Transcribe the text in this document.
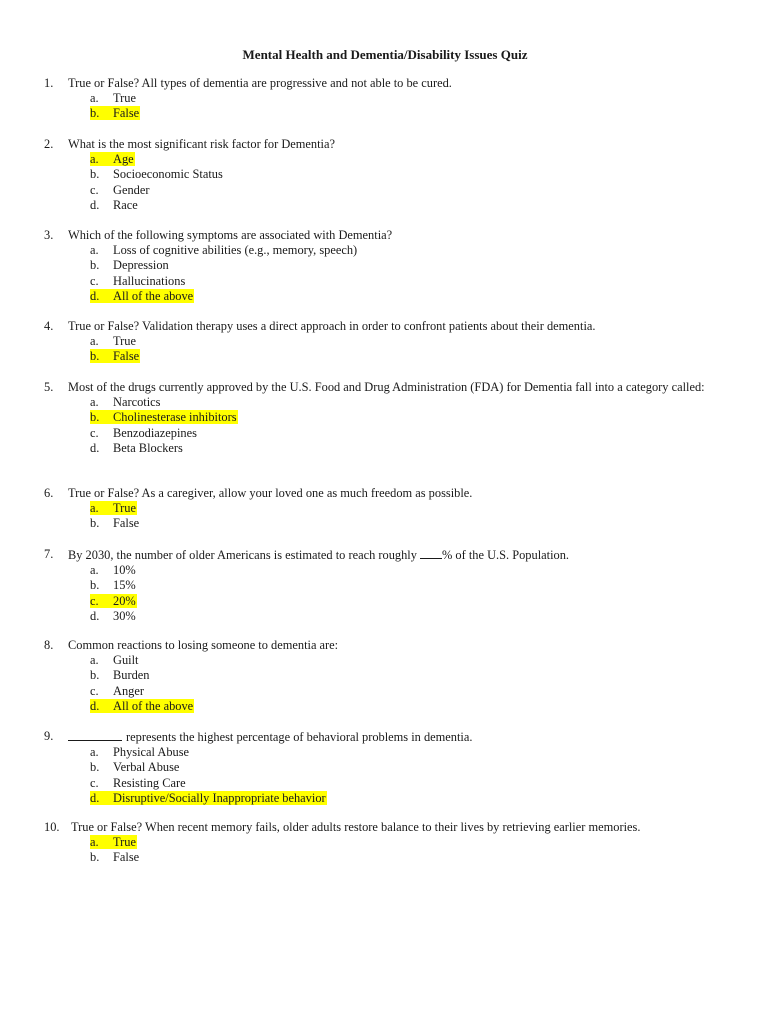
Mental Health and Dementia/Disability Issues Quiz
1.	True or False? All types of dementia are progressive and not able to be cured.
a. True
b. False
2.	What is the most significant risk factor for Dementia?
a. Age
b. Socioeconomic Status
c. Gender
d. Race
3.	Which of the following symptoms are associated with Dementia?
a. Loss of cognitive abilities (e.g., memory, speech)
b. Depression
c. Hallucinations
d. All of the above
4.	True or False? Validation therapy uses a direct approach in order to confront patients about their dementia.
a. True
b. False
5.	Most of the drugs currently approved by the U.S. Food and Drug Administration (FDA) for Dementia fall into a category called:
a. Narcotics
b. Cholinesterase inhibitors
c. Benzodiazepines
d. Beta Blockers
6.	True or False? As a caregiver, allow your loved one as much freedom as possible.
a. True
b. False
7.	By 2030, the number of older Americans is estimated to reach roughly % of the U.S. Population.
a. 10%
b. 15%
c. 20%
d. 30%
8.	Common reactions to losing someone to dementia are:
a. Guilt
b. Burden
c. Anger
d. All of the above
9.	represents the highest percentage of behavioral problems in dementia.
a. Physical Abuse
b. Verbal Abuse
c. Resisting Care
d. Disruptive/Socially Inappropriate behavior
10. True or False? When recent memory fails, older adults restore balance to their lives by retrieving earlier memories.
a. True
b. False
